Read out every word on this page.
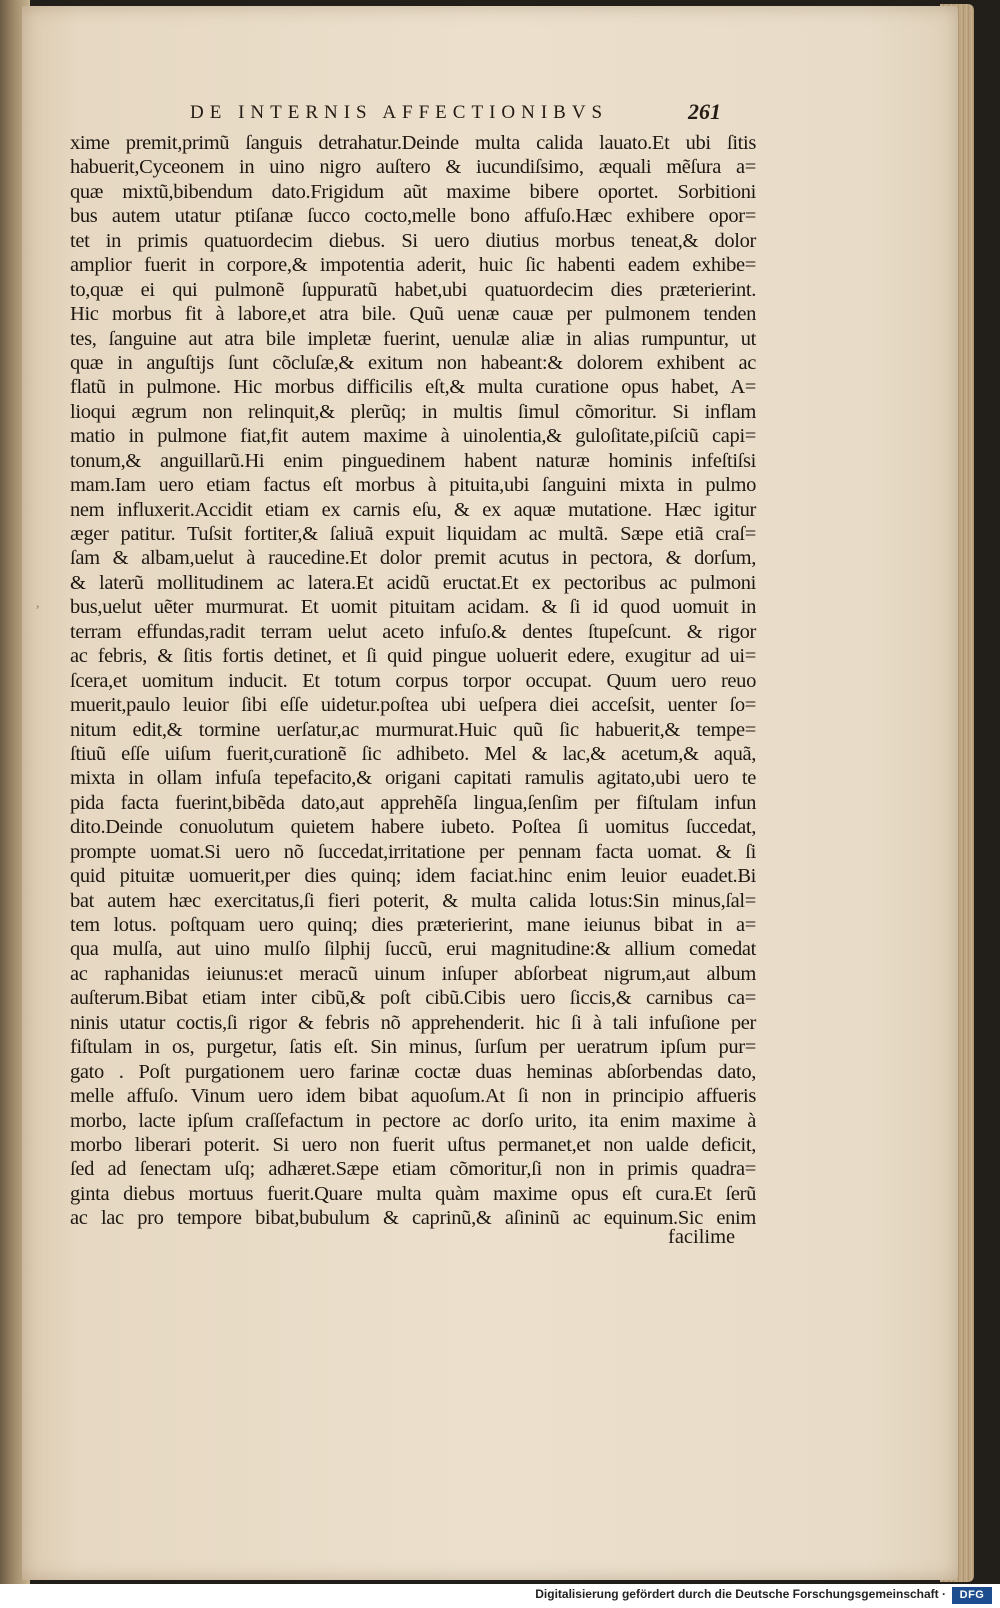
DE INTERNIS AFFECTIONIBVS	261
xime premit,primũ ſanguis detrahatur.Deinde multa calida lauato.Et ubi ſitis
habuerit,Cyceonem in uino nigro auſtero & iucundiſsimo, æquali mẽſura a=
quæ mixtũ,bibendum dato.Frigidum aũt maxime bibere oportet. Sorbitioni
bus autem utatur ptiſanæ ſucco cocto,melle bono affuſo.Hæc exhibere opor=
tet in primis quatuordecim diebus. Si uero diutius morbus teneat,& dolor
amplior fuerit in corpore,& impotentia aderit, huic ſic habenti eadem exhibe=
to,quæ ei qui pulmonẽ ſuppuratũ habet,ubi quatuordecim dies præterierint.
Hic morbus fit à labore,et atra bile. Quũ uenæ cauæ per pulmonem tenden
tes, ſanguine aut atra bile impletæ fuerint, uenulæ aliæ in alias rumpuntur, ut
quæ in anguſtijs ſunt cõcluſæ,& exitum non habeant:& dolorem exhibent ac
flatũ in pulmone. Hic morbus difficilis eſt,& multa curatione opus habet, A=
lioqui ægrum non relinquit,& plerũq; in multis ſimul cõmoritur. Si inflam
matio in pulmone fiat,fit autem maxime à uinolentia,& guloſitate,piſciũ capi=
tonum,& anguillarũ.Hi enim pinguedinem habent naturæ hominis infeſtiſsi
mam.Iam uero etiam factus eſt morbus à pituita,ubi ſanguini mixta in pulmo
nem influxerit.Accidit etiam ex carnis eſu, & ex aquæ mutatione. Hæc igitur
æger patitur. Tuſsit fortiter,& ſaliuã expuit liquidam ac multã. Sæpe etiã craſ=
ſam & albam,uelut à raucedine.Et dolor premit acutus in pectora, & dorſum,
& laterũ mollitudinem ac latera.Et acidũ eructat.Et ex pectoribus ac pulmoni
bus,uelut uẽter murmurat. Et uomit pituitam acidam. & ſi id quod uomuit in
terram effundas,radit terram uelut aceto infuſo.& dentes ſtupeſcunt. & rigor
ac febris, & ſitis fortis detinet, et ſi quid pingue uoluerit edere, exugitur ad ui=
ſcera,et uomitum inducit. Et totum corpus torpor occupat. Quum uero reuo
muerit,paulo leuior ſibi eſſe uidetur.poſtea ubi ueſpera diei acceſsit, uenter ſo=
nitum edit,& tormine uerſatur,ac murmurat.Huic quũ ſic habuerit,& tempe=
ſtiuũ eſſe uiſum fuerit,curationẽ ſic adhibeto. Mel & lac,& acetum,& aquã,
mixta in ollam infuſa tepefacito,& origani capitati ramulis agitato,ubi uero te
pida facta fuerint,bibẽda dato,aut apprehẽſa lingua,ſenſim per fiſtulam infun
dito.Deinde conuolutum quietem habere iubeto. Poſtea ſi uomitus ſuccedat,
prompte uomat.Si uero nõ ſuccedat,irritatione per pennam facta uomat. & ſi
quid pituitæ uomuerit,per dies quinq; idem faciat.hinc enim leuior euadet.Bi
bat autem hæc exercitatus,ſi fieri poterit, & multa calida lotus:Sin minus,ſal=
tem lotus. poſtquam uero quinq; dies præterierint, mane ieiunus bibat in a=
qua mulſa, aut uino mulſo ſilphij ſuccũ, erui magnitudine:& allium comedat
ac raphanidas ieiunus:et meracũ uinum inſuper abſorbeat nigrum,aut album
auſterum.Bibat etiam inter cibũ,& poſt cibũ.Cibis uero ſiccis,& carnibus ca=
ninis utatur coctis,ſi rigor & febris nõ apprehenderit. hic ſi à tali infuſione per
fiſtulam in os, purgetur, ſatis eſt. Sin minus, ſurſum per ueratrum ipſum pur=
gato . Poſt purgationem uero farinæ coctæ duas heminas abſorbendas dato,
melle affuſo. Vinum uero idem bibat aquoſum.At ſi non in principio affueris
morbo, lacte ipſum craſſefactum in pectore ac dorſo urito, ita enim maxime à
morbo liberari poterit. Si uero non fuerit uſtus permanet,et non ualde deficit,
ſed ad ſenectam uſq; adhæret.Sæpe etiam cõmoritur,ſi non in primis quadra=
ginta diebus mortuus fuerit.Quare multa quàm maxime opus eſt cura.Et ſerũ
ac lac pro tempore bibat,bubulum & caprinũ,& aſininũ ac equinum.Sic enim
facilime
,
Digitalisierung gefördert durch die Deutsche Forschungsgemeinschaft ·	DFG
